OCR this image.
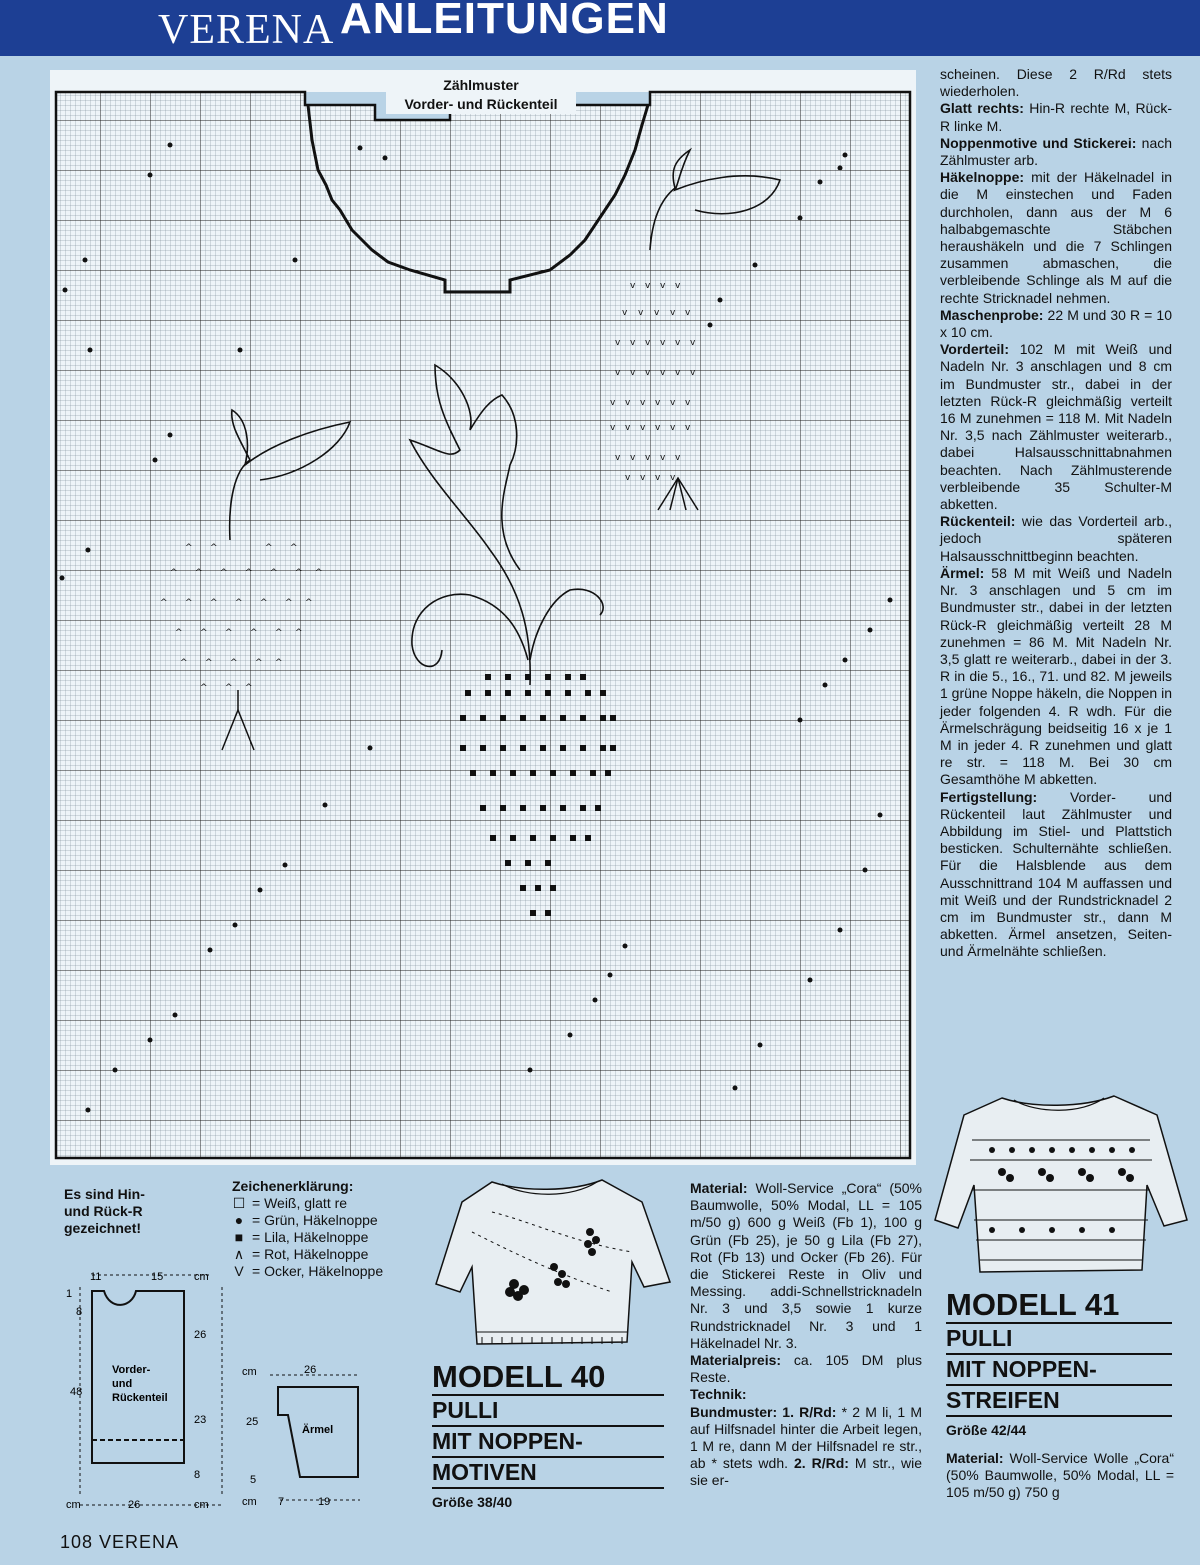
VERENA ANLEITUNGEN
^ ^	^ ^
^ ^ ^ ^ ^ ^ ^
^ ^ ^ ^ ^ ^ ^
^ ^ ^ ^ ^ ^
^ ^ ^ ^ ^
^ ^ ^
v v v v
v v v v v
v v v v v v
v v v v v v
v v v v v v
v v v v v v
v v v v v
v v v v
Zählmuster
Vorder- und Rückenteil
Es sind Hin- und Rück-R gezeichnet!
Zeichenerklärung:
☐ = Weiß, glatt re
● = Grün, Häkelnoppe
■ = Lila, Häkelnoppe
∧ = Rot, Häkelnoppe
V = Ocker, Häkelnoppe
11	15	cm
1
8
48
26
23
8
cm	26	cm
Vorder-
und
Rückenteil
cm	26
25
5
cm 7	19
Ärmel
MODELL 40
PULLI
MIT NOPPEN-
MOTIVEN
Größe 38/40

Material: Woll-Service „Cora“ (50% Baumwolle, 50% Modal, LL = 105 m/50 g) 600 g Weiß (Fb 1), 100 g Grün (Fb 25), je 50 g Lila (Fb 27), Rot (Fb 13) und Ocker (Fb 26). Für die Stickerei Reste in Oliv und Messing. addi-Schnellstricknadeln Nr. 3 und 3,5 sowie 1 kurze Rundstricknadel Nr. 3 und 1 Häkelnadel Nr. 3.

Materialpreis: ca. 105 DM plus Reste.

Technik:

Bundmuster: 1. R/Rd: * 2 M li, 1 M auf Hilfsnadel hinter die Arbeit legen, 1 M re, dann M der Hilfsnadel re str., ab * stets wdh. 2. R/Rd: M str., wie sie er-

scheinen. Diese 2 R/Rd stets wiederholen.

Glatt rechts: Hin-R rechte M, Rück-R linke M.

Noppenmotive und Stickerei: nach Zählmuster arb.

Häkelnoppe: mit der Häkelnadel in die M einstechen und Faden durchholen, dann aus der M 6 halbabgemaschte Stäbchen heraushäkeln und die 7 Schlingen zusammen abmaschen, die verbleibende Schlinge als M auf die rechte Stricknadel nehmen.

Maschenprobe: 22 M und 30 R = 10 x 10 cm.

Vorderteil: 102 M mit Weiß und Nadeln Nr. 3 anschlagen und 8 cm im Bundmuster str., dabei in der letzten Rück-R gleichmäßig verteilt 16 M zunehmen = 118 M. Mit Nadeln Nr. 3,5 nach Zählmuster weiterarb., dabei Halsausschnittabnahmen beachten. Nach Zählmusterende verbleibende 35 Schulter-M abketten.

Rückenteil: wie das Vorderteil arb., jedoch späteren Halsausschnittbeginn beachten.

Ärmel: 58 M mit Weiß und Nadeln Nr. 3 anschlagen und 5 cm im Bundmuster str., dabei in der letzten Rück-R gleichmäßig verteilt 28 M zunehmen = 86 M. Mit Nadeln Nr. 3,5 glatt re weiterarb., dabei in der 3. R in die 5., 16., 71. und 82. M jeweils 1 grüne Noppe häkeln, die Noppen in jeder folgenden 4. R wdh. Für die Ärmelschrägung beidseitig 16 x je 1 M in jeder 4. R zunehmen und glatt re str. = 118 M. Bei 30 cm Gesamthöhe M abketten.

Fertigstellung: Vorder- und Rückenteil laut Zählmuster und Abbildung im Stiel- und Plattstich besticken. Schulternähte schließen. Für die Halsblende aus dem Ausschnittrand 104 M auffassen und mit Weiß und der Rundstricknadel 2 cm im Bundmuster str., dann M abketten. Ärmel ansetzen, Seiten- und Ärmelnähte schließen.

MODELL 41
PULLI
MIT NOPPEN-
STREIFEN
Größe 42/44

Material: Woll-Service Wolle „Cora“ (50% Baumwolle, 50% Modal, LL = 105 m/50 g) 750 g

108 VERENA
